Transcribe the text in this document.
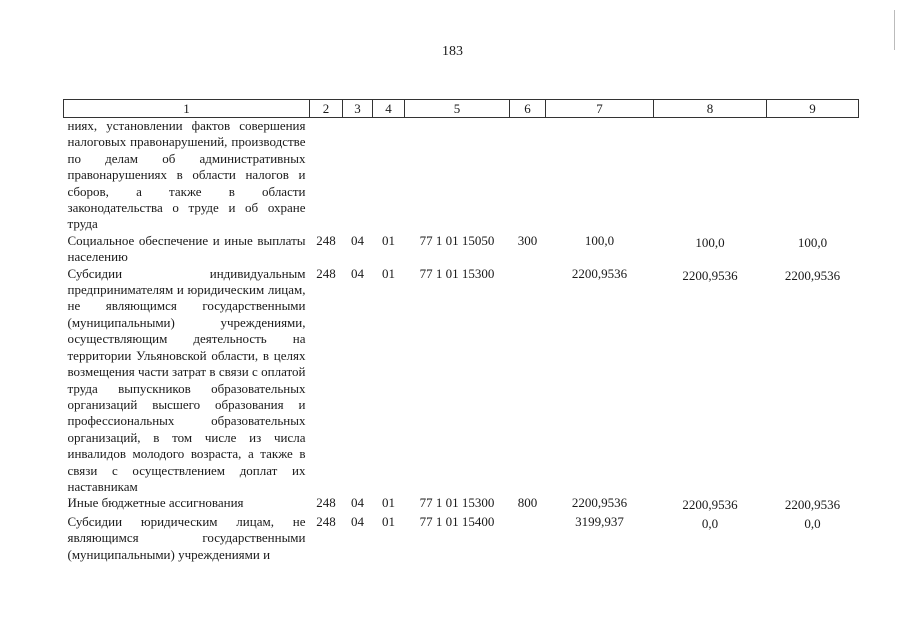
183
1	2	3	4	5	6	7	8	9
ниях, установлении фактов совершения налоговых правонарушений, производстве по делам об административных правонарушениях в области налогов и сборов, а также в области законодательства о труде и об охране труда								
Социальное обеспечение и иные выплаты населению	248	04	01	77 1 01 15050	300	100,0	100,0	100,0
Субсидии индивидуальным предпринимателям и юридическим лицам, не являющимся государственными (муниципальными) учреждениями, осуществляющим деятельность на территории Ульяновской области, в целях возмещения части затрат в связи с оплатой труда выпускников образовательных организаций высшего образования и профессиональных образовательных организаций, в том числе из числа инвалидов молодого возраста, а также в связи с осуществлением доплат их наставникам	248	04	01	77 1 01 15300		2200,9536	2200,9536	2200,9536
Иные бюджетные ассигнования	248	04	01	77 1 01 15300	800	2200,9536	2200,9536	2200,9536
Субсидии юридическим лицам, не являющимся государственными (муниципальными) учреждениями и	248	04	01	77 1 01 15400		3199,937	0,0	0,0
